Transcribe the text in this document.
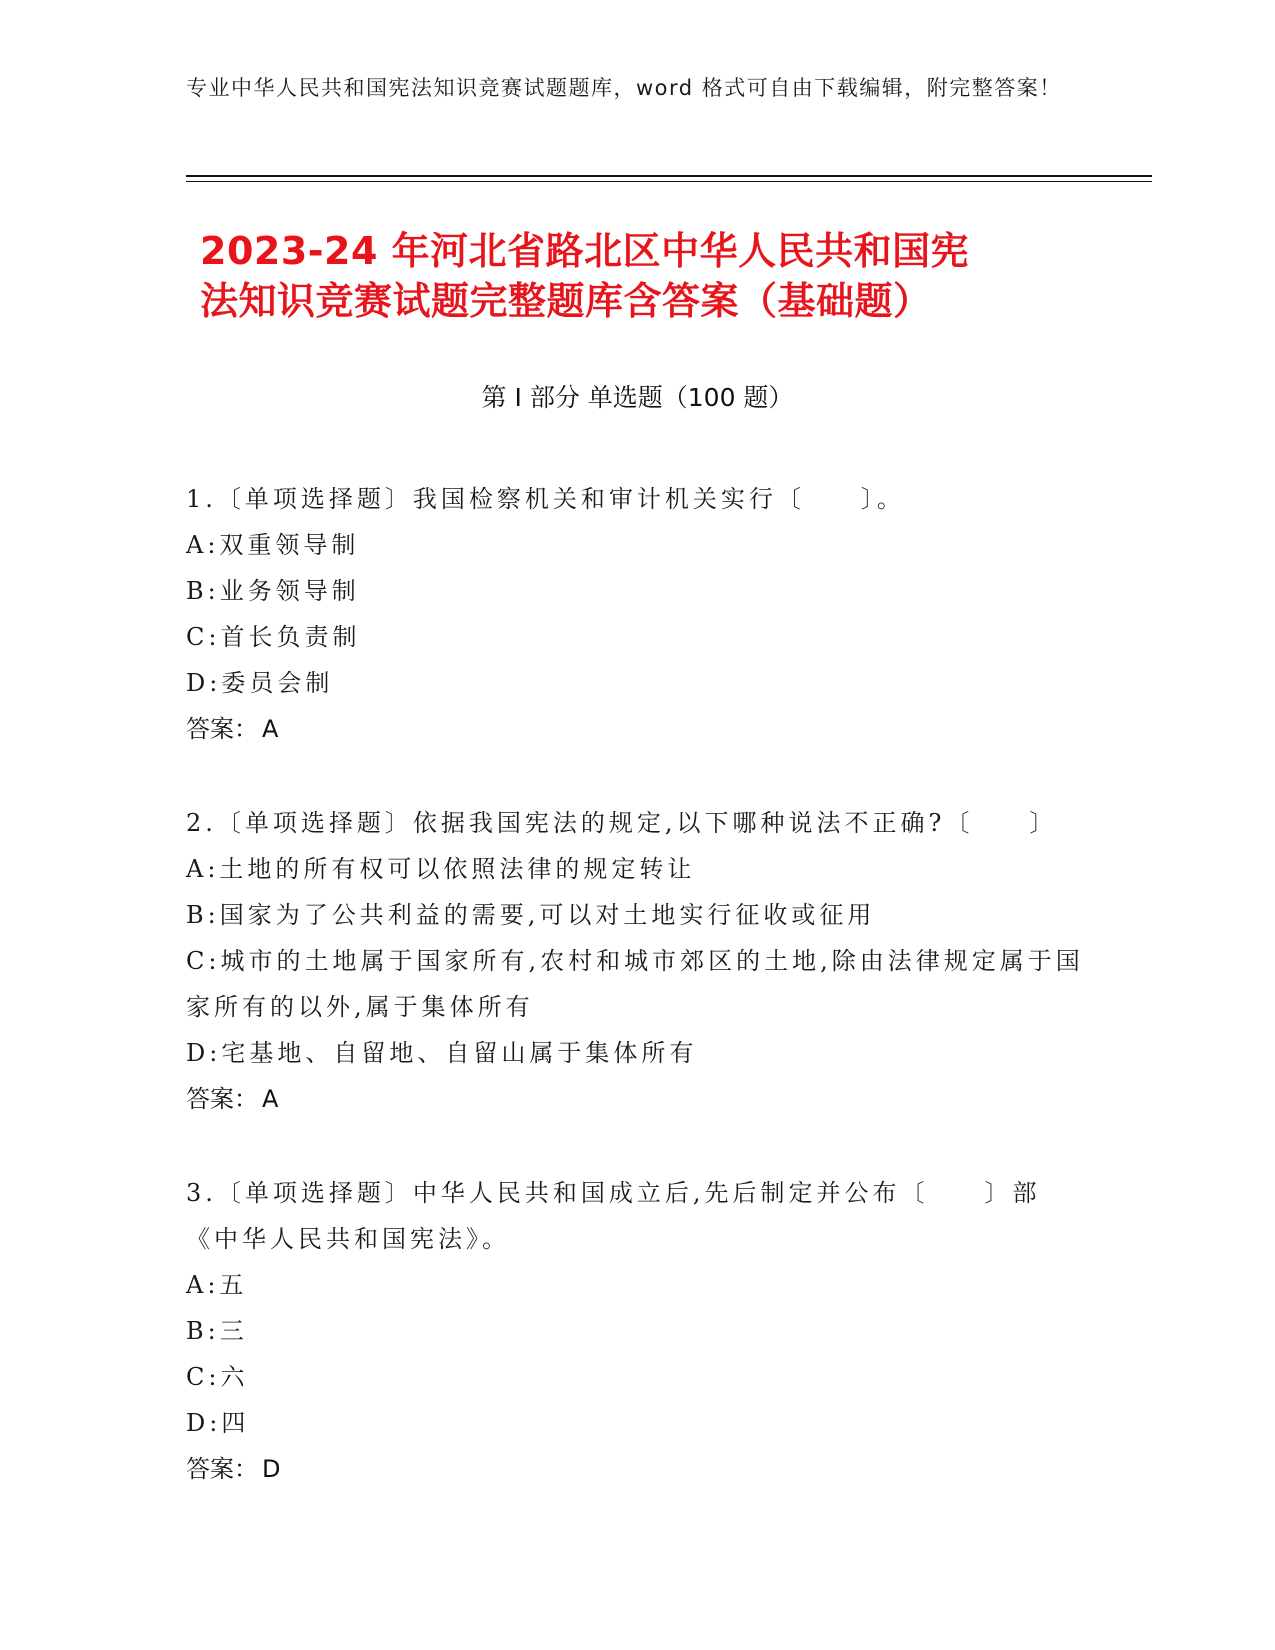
专业中华人民共和国宪法知识竞赛试题题库，word 格式可自由下载编辑，附完整答案！
2023-24 年河北省路北区中华人民共和国宪
法知识竞赛试题完整题库含答案（基础题）
第 I 部分 单选题（100 题）
1.〔单项选择题〕我国检察机关和审计机关实行〔　　〕。
A:双重领导制
B:业务领导制
C:首长负责制
D:委员会制
答案： A
2.〔单项选择题〕依据我国宪法的规定,以下哪种说法不正确?〔　　〕
A:土地的所有权可以依照法律的规定转让
B:国家为了公共利益的需要,可以对土地实行征收或征用
C:城市的土地属于国家所有,农村和城市郊区的土地,除由法律规定属于国家所有的以外,属于集体所有
D:宅基地、自留地、自留山属于集体所有
答案： A
3.〔单项选择题〕中华人民共和国成立后,先后制定并公布〔　　〕部《中华人民共和国宪法》。
A:五
B:三
C:六
D:四
答案： D
